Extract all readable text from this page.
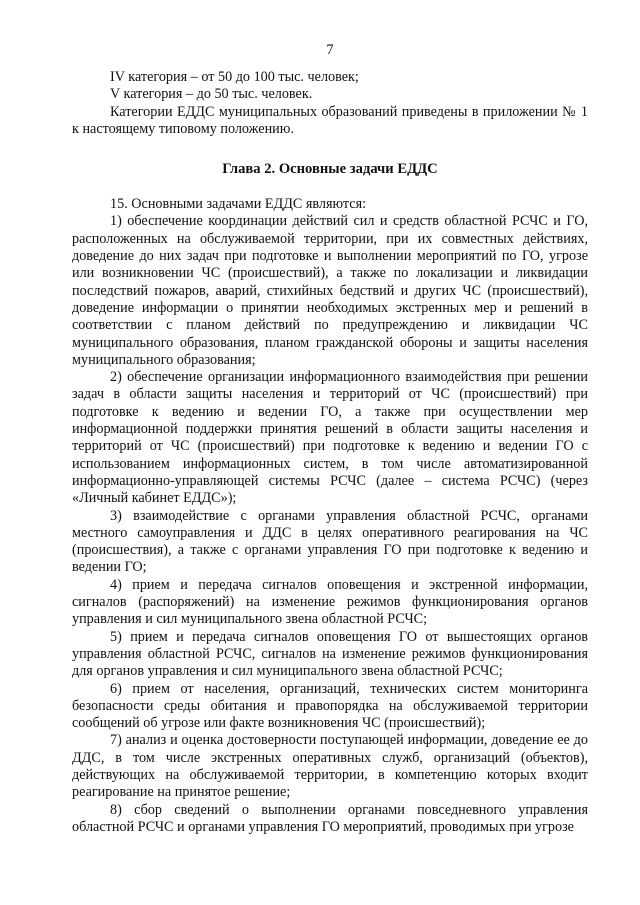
7

IV категория – от 50 до 100 тыс. человек;

V категория – до 50 тыс. человек.

Категории ЕДДС муниципальных образований приведены в приложении № 1 к настоящему типовому положению.

Глава 2. Основные задачи ЕДДС

15. Основными задачами ЕДДС являются:

1) обеспечение координации действий сил и средств областной РСЧС и ГО, расположенных на обслуживаемой территории, при их совместных действиях, доведение до них задач при подготовке и выполнении мероприятий по ГО, угрозе или возникновении ЧС (происшествий), а также по локализации и ликвидации последствий пожаров, аварий, стихийных бедствий и других ЧС (происшествий), доведение информации о принятии необходимых экстренных мер и решений в соответствии с планом действий по предупреждению и ликвидации ЧС муниципального образования, планом гражданской обороны и защиты населения муниципального образования;

2) обеспечение организации информационного взаимодействия при решении задач в области защиты населения и территорий от ЧС (происшествий) при подготовке к ведению и ведении ГО, а также при осуществлении мер информационной поддержки принятия решений в области защиты населения и территорий от ЧС (происшествий) при подготовке к ведению и ведении ГО с использованием информационных систем, в том числе автоматизированной информационно-управляющей системы РСЧС (далее – система РСЧС) (через «Личный кабинет ЕДДС»);

3) взаимодействие с органами управления областной РСЧС, органами местного самоуправления и ДДС в целях оперативного реагирования на ЧС (происшествия), а также с органами управления ГО при подготовке к ведению и ведении ГО;

4) прием и передача сигналов оповещения и экстренной информации, сигналов (распоряжений) на изменение режимов функционирования органов управления и сил муниципального звена областной РСЧС;

5) прием и передача сигналов оповещения ГО от вышестоящих органов управления областной РСЧС, сигналов на изменение режимов функционирования для органов управления и сил муниципального звена областной РСЧС;

6) прием от населения, организаций, технических систем мониторинга безопасности среды обитания и правопорядка на обслуживаемой территории сообщений об угрозе или факте возникновения ЧС (происшествий);

7) анализ и оценка достоверности поступающей информации, доведение ее до ДДС, в том числе экстренных оперативных служб, организаций (объектов), действующих на обслуживаемой территории, в компетенцию которых входит реагирование на принятое решение;

8) сбор сведений о выполнении органами повседневного управления областной РСЧС и органами управления ГО мероприятий, проводимых при угрозе
